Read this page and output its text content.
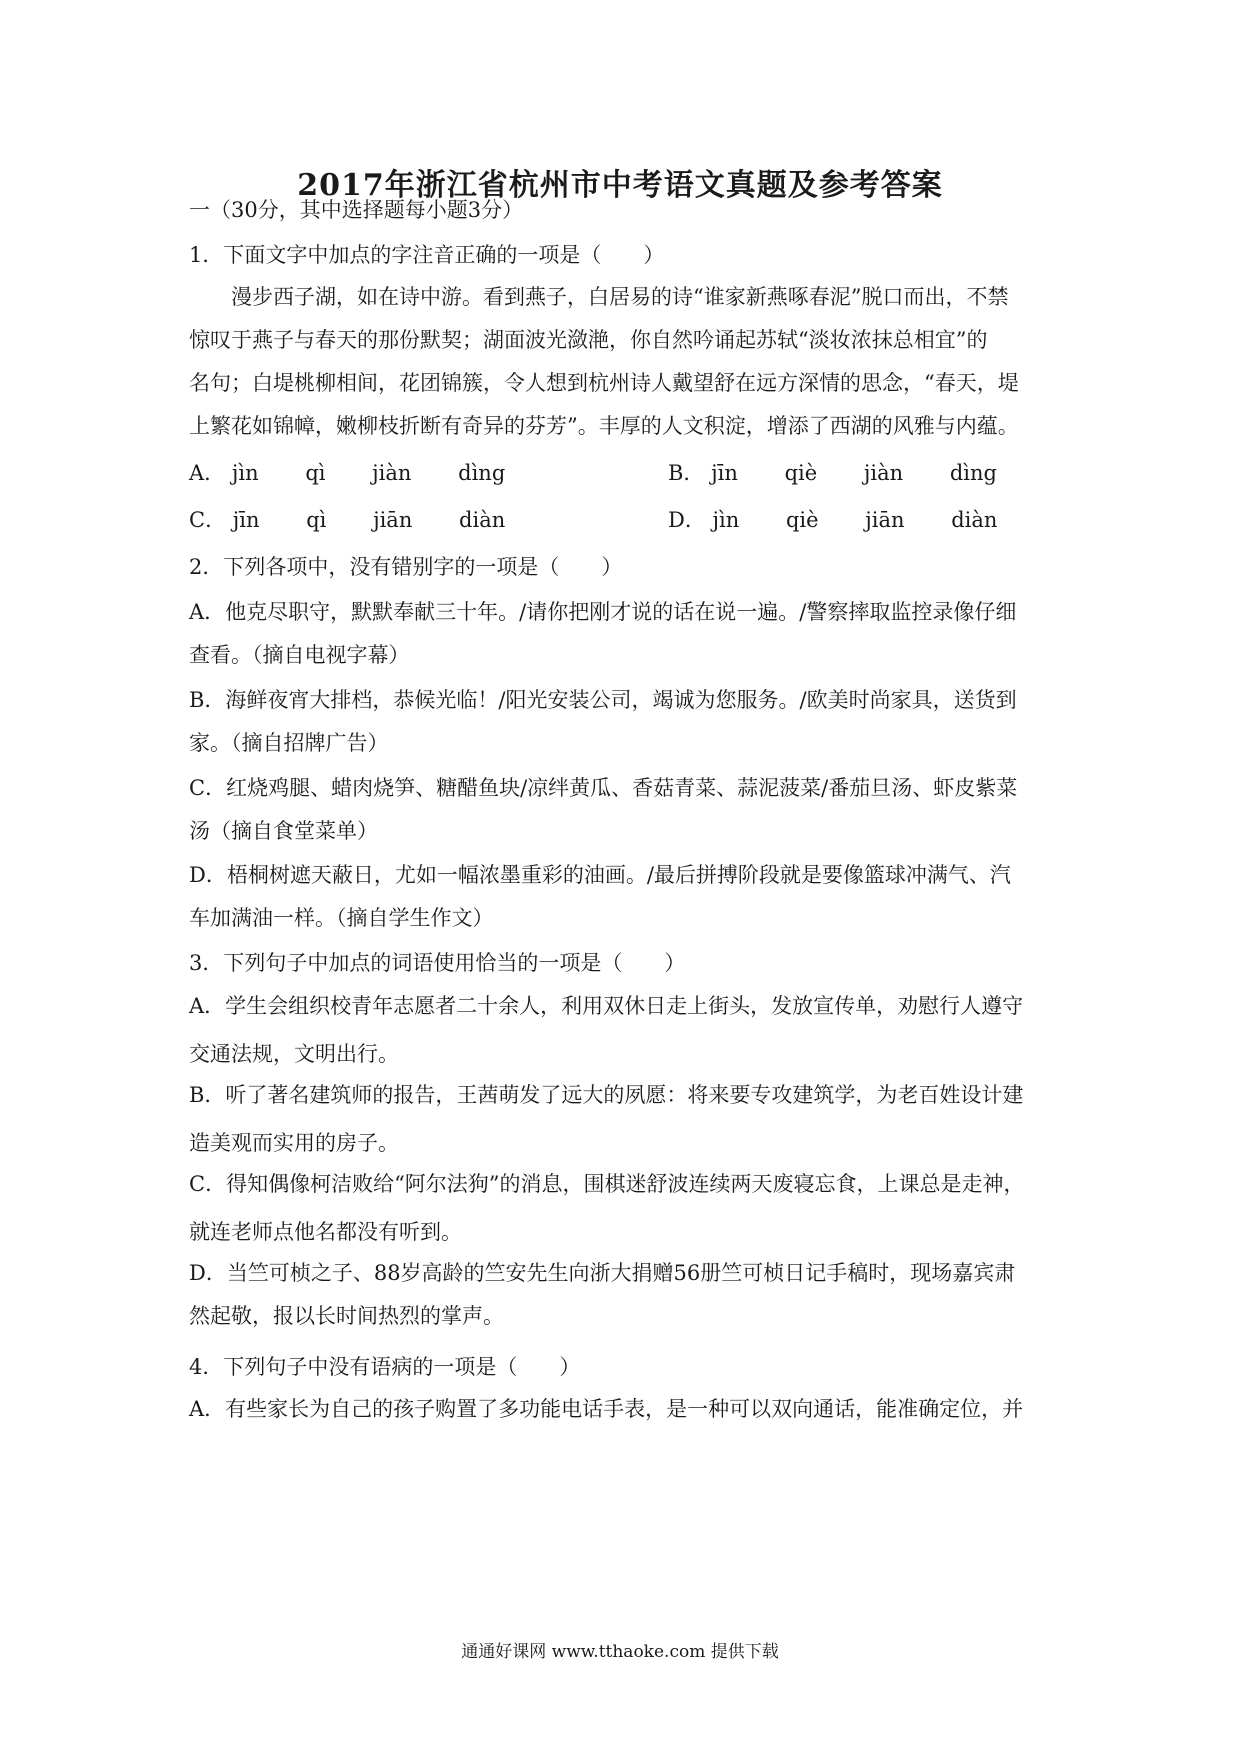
2017年浙江省杭州市中考语文真题及参考答案
一（30分，其中选择题每小题3分）
1．下面文字中加点的字注音正确的一项是（　　）
漫步西子湖，如在诗中游。看到燕子，白居易的诗“谁家新燕啄春泥”脱口而出，不禁
惊叹于燕子与春天的那份默契；湖面波光潋滟，你自然吟诵起苏轼“淡妆浓抹总相宜”的
名句；白堤桃柳相间，花团锦簇，令人想到杭州诗人戴望舒在远方深情的思念，“春天，堤
上繁花如锦幛，嫩柳枝折断有奇异的芬芳”。丰厚的人文积淀，增添了西湖的风雅与内蕴。
A． jìn qì jiàn dìng	B． jīn qiè jiàn dìng
C． jīn qì jiān diàn	D． jìn qiè jiān diàn
2．下列各项中，没有错别字的一项是（　　）
A．他克尽职守，默默奉献三十年。/请你把刚才说的话在说一遍。/警察摔取监控录像仔细
查看。（摘自电视字幕）
B．海鲜夜宵大排档，恭候光临！/阳光安装公司，竭诚为您服务。/欧美时尚家具，送货到
家。（摘自招牌广告）
C．红烧鸡腿、蜡肉烧笋、糖醋鱼块/凉绊黄瓜、香菇青菜、蒜泥菠菜/番茄旦汤、虾皮紫菜
汤（摘自食堂菜单）
D．梧桐树遮天蔽日，尤如一幅浓墨重彩的油画。/最后拼搏阶段就是要像篮球冲满气、汽
车加满油一样。（摘自学生作文）
3．下列句子中加点的词语使用恰当的一项是（　　）
A．学生会组织校青年志愿者二十余人，利用双休日走上街头，发放宣传单，劝慰行人遵守
交通法规，文明出行。
B．听了著名建筑师的报告，王茜萌发了远大的夙愿：将来要专攻建筑学，为老百姓设计建
造美观而实用的房子。
C．得知偶像柯洁败给“阿尔法狗”的消息，围棋迷舒波连续两天废寝忘食，上课总是走神，
就连老师点他名都没有听到。
D．当竺可桢之子、88岁高龄的竺安先生向浙大捐赠56册竺可桢日记手稿时，现场嘉宾肃
然起敬，报以长时间热烈的掌声。
4．下列句子中没有语病的一项是（　　）
A．有些家长为自己的孩子购置了多功能电话手表，是一种可以双向通话，能准确定位，并
通通好课网 www.tthaoke.com 提供下载
